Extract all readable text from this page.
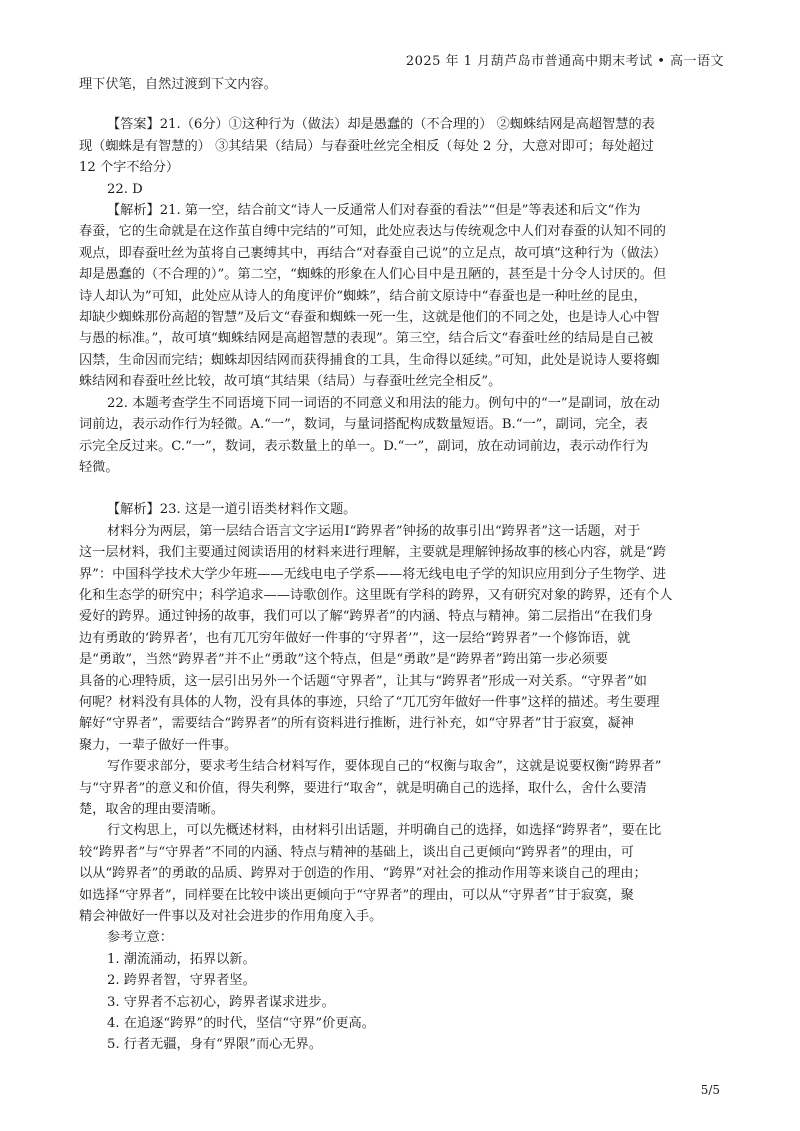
2025 年 1 月葫芦岛市普通高中期末考试 • 高一语文
理下伏笔，自然过渡到下文内容。
【答案】21.（6分）①这种行为（做法）却是愚蠢的（不合理的） ②蜘蛛结网是高超智慧的表
现（蜘蛛是有智慧的） ③其结果（结局）与春蚕吐丝完全相反（每处 2 分，大意对即可；每处超过
12 个字不给分）
22. D
【解析】21. 第一空，结合前文“诗人一反通常人们对春蚕的看法”“但是”等表述和后文“作为
春蚕，它的生命就是在这作茧自缚中完结的”可知，此处应表达与传统观念中人们对春蚕的认知不同的
观点，即春蚕吐丝为茧将自己裹缚其中，再结合“对春蚕自己说”的立足点，故可填“这种行为（做法）
却是愚蠢的（不合理的）”。第二空，“蜘蛛的形象在人们心目中是丑陋的，甚至是十分令人讨厌的。但
诗人却认为”可知，此处应从诗人的角度评价“蜘蛛”，结合前文原诗中“春蚕也是一种吐丝的昆虫，
却缺少蜘蛛那份高超的智慧”及后文“春蚕和蜘蛛一死一生，这就是他们的不同之处，也是诗人心中智
与愚的标准。”，故可填“蜘蛛结网是高超智慧的表现”。第三空，结合后文“春蚕吐丝的结局是自己被
囚禁，生命因而完结；蜘蛛却因结网而获得捕食的工具，生命得以延续。”可知，此处是说诗人要将蜘
蛛结网和春蚕吐丝比较，故可填“其结果（结局）与春蚕吐丝完全相反”。
22. 本题考查学生不同语境下同一词语的不同意义和用法的能力。例句中的“一”是副词，放在动
词前边，表示动作行为轻微。A.“一”，数词，与量词搭配构成数量短语。B.“一”，副词，完全，表
示完全反过来。C.“一”，数词，表示数量上的单一。D.“一”，副词，放在动词前边，表示动作行为
轻微。
【解析】23. 这是一道引语类材料作文题。
材料分为两层，第一层结合语言文字运用Ⅰ“跨界者”钟扬的故事引出“跨界者”这一话题，对于
这一层材料，我们主要通过阅读语用的材料来进行理解，主要就是理解钟扬故事的核心内容，就是“跨
界”：中国科学技术大学少年班——无线电电子学系——将无线电电子学的知识应用到分子生物学、进
化和生态学的研究中；科学追求——诗歌创作。这里既有学科的跨界，又有研究对象的跨界，还有个人
爱好的跨界。通过钟扬的故事，我们可以了解“跨界者”的内涵、特点与精神。第二层指出“在我们身
边有勇敢的‘跨界者’，也有兀兀穷年做好一件事的‘守界者’”，这一层给“跨界者”一个修饰语，就
是“勇敢”，当然“跨界者”并不止“勇敢”这个特点，但是“勇敢”是“跨界者”跨出第一步必须要
具备的心理特质，这一层引出另外一个话题“守界者”，让其与“跨界者”形成一对关系。“守界者”如
何呢？材料没有具体的人物，没有具体的事迹，只给了“兀兀穷年做好一件事”这样的描述。考生要理
解好“守界者”，需要结合“跨界者”的所有资料进行推断，进行补充，如“守界者”甘于寂寞，凝神
聚力，一辈子做好一件事。
写作要求部分，要求考生结合材料写作，要体现自己的“权衡与取舍”，这就是说要权衡“跨界者”
与“守界者”的意义和价值，得失利弊，要进行“取舍”，就是明确自己的选择，取什么，舍什么要清
楚，取舍的理由要清晰。
行文构思上，可以先概述材料，由材料引出话题，并明确自己的选择，如选择“跨界者”，要在比
较“跨界者”与“守界者”不同的内涵、特点与精神的基础上，谈出自己更倾向“跨界者”的理由，可
以从“跨界者”的勇敢的品质、跨界对于创造的作用、“跨界”对社会的推动作用等来谈自己的理由；
如选择“守界者”，同样要在比较中谈出更倾向于“守界者”的理由，可以从“守界者”甘于寂寞，聚
精会神做好一件事以及对社会进步的作用角度入手。
参考立意：
1. 潮流涌动，拓界以新。
2. 跨界者智，守界者坚。
3. 守界者不忘初心，跨界者谋求进步。
4. 在追逐“跨界”的时代，坚信“守界”价更高。
5. 行者无疆，身有“界限”而心无界。
5/5
